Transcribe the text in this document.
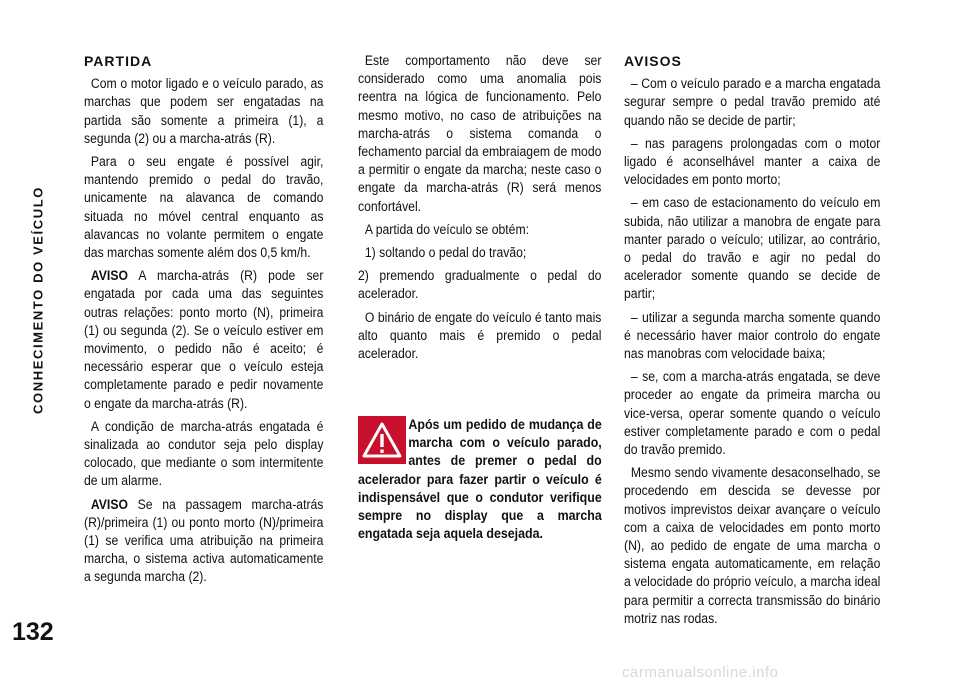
CONHECIMENTO DO VEÍCULO
132
PARTIDA

Com o motor ligado e o veículo parado, as marchas que podem ser engatadas na partida são somente a primeira (1), a segunda (2) ou a marcha-atrás (R).

Para o seu engate é possível agir, mantendo premido o pedal do travão, unicamente na alavanca de comando situada no móvel central enquanto as alavancas no volante permitem o engate das marchas somente além dos 0,5 km/h.

AVISO A marcha-atrás (R) pode ser engatada por cada uma das seguintes outras relações: ponto morto (N), primeira (1) ou segunda (2). Se o veículo estiver em movimento, o pedido não é aceito; é necessário esperar que o veículo esteja completamente parado e pedir novamente o engate da marcha-atrás (R).

A condição de marcha-atrás engatada é sinalizada ao condutor seja pelo display colocado, que mediante o som intermitente de um alarme.

AVISO Se na passagem marcha-atrás (R)/primeira (1) ou ponto morto (N)/primeira (1) se verifica uma atribuição na primeira marcha, o sistema activa automaticamente a segunda marcha (2).

Este comportamento não deve ser considerado como uma anomalia pois reentra na lógica de funcionamento. Pelo mesmo motivo, no caso de atribuições na marcha-atrás o sistema comanda o fechamento parcial da embraiagem de modo a permitir o engate da marcha; neste caso o engate da marcha-atrás (R) será menos confortável.

A partida do veículo se obtém:

1) soltando o pedal do travão;

2) premendo gradualmente o pedal do acelerador.

O binário de engate do veículo é tanto mais alto quanto mais é premido o pedal acelerador.

Após um pedido de mudança de marcha com o veículo parado, antes de premer o pedal do acelerador para fazer partir o veículo é indispensável que o condutor verifique sempre no display que a marcha engatada seja aquela desejada.
AVISOS

– Com o veículo parado e a marcha engatada segurar sempre o pedal travão premido até quando não se decide de partir;

– nas paragens prolongadas com o motor ligado é aconselhável manter a caixa de velocidades em ponto morto;

– em caso de estacionamento do veículo em subida, não utilizar a manobra de engate para manter parado o veículo; utilizar, ao contrário, o pedal do travão e agir no pedal do acelerador somente quando se decide de partir;

– utilizar a segunda marcha somente quando é necessário haver maior controlo do engate nas manobras com velocidade baixa;

– se, com a marcha-atrás engatada, se deve proceder ao engate da primeira marcha ou vice-versa, operar somente quando o veículo estiver completamente parado e com o pedal do travão premido.

Mesmo sendo vivamente desaconselhado, se procedendo em descida se devesse por motivos imprevistos deixar avançare o veículo com a caixa de velocidades em ponto morto (N), ao pedido de engate de uma marcha o sistema engata automaticamente, em relação a velocidade do próprio veículo, a marcha ideal para permitir a correcta transmissão do binário motriz nas rodas.

carmanualsonline.info
